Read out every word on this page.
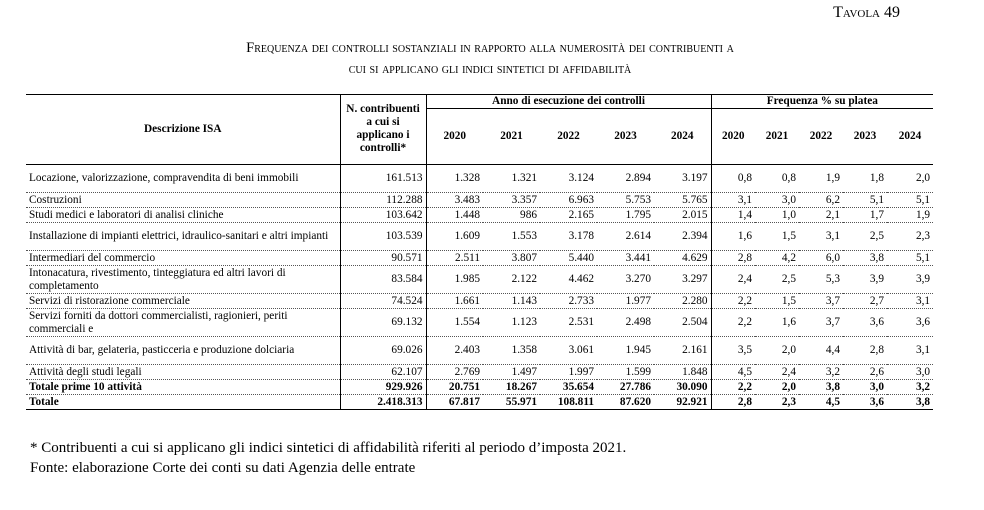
Tavola 49
Frequenza dei controlli sostanziali in rapporto alla numerosità dei contribuenti a
cui si applicano gli indici sintetici di affidabilità
Descrizione ISA	N. contribuenti a cui si applicano i controlli*	Anno di esecuzione dei controlli					Frequenza % su platea				
		2020	2021	2022	2023	2024	2020	2021	2022	2023	2024
Locazione, valorizzazione, compravendita di beni immobili	161.513	1.328	1.321	3.124	2.894	3.197	0,8	0,8	1,9	1,8	2,0
Costruzioni	112.288	3.483	3.357	6.963	5.753	5.765	3,1	3,0	6,2	5,1	5,1
Studi medici e laboratori di analisi cliniche	103.642	1.448	986	2.165	1.795	2.015	1,4	1,0	2,1	1,7	1,9
Installazione di impianti elettrici, idraulico-sanitari e altri impianti	103.539	1.609	1.553	3.178	2.614	2.394	1,6	1,5	3,1	2,5	2,3
Intermediari del commercio	90.571	2.511	3.807	5.440	3.441	4.629	2,8	4,2	6,0	3,8	5,1
Intonacatura, rivestimento, tinteggiatura ed altri lavori di completamento	83.584	1.985	2.122	4.462	3.270	3.297	2,4	2,5	5,3	3,9	3,9
Servizi di ristorazione commerciale	74.524	1.661	1.143	2.733	1.977	2.280	2,2	1,5	3,7	2,7	3,1
Servizi forniti da dottori commercialisti, ragionieri, periti commerciali e	69.132	1.554	1.123	2.531	2.498	2.504	2,2	1,6	3,7	3,6	3,6
Attività di bar, gelateria, pasticceria e produzione dolciaria	69.026	2.403	1.358	3.061	1.945	2.161	3,5	2,0	4,4	2,8	3,1
Attività degli studi legali	62.107	2.769	1.497	1.997	1.599	1.848	4,5	2,4	3,2	2,6	3,0
Totale prime 10 attività	929.926	20.751	18.267	35.654	27.786	30.090	2,2	2,0	3,8	3,0	3,2
Totale	2.418.313	67.817	55.971	108.811	87.620	92.921	2,8	2,3	4,5	3,6	3,8
* Contribuenti a cui si applicano gli indici sintetici di affidabilità riferiti al periodo d’imposta 2021.
Fonte: elaborazione Corte dei conti su dati Agenzia delle entrate
